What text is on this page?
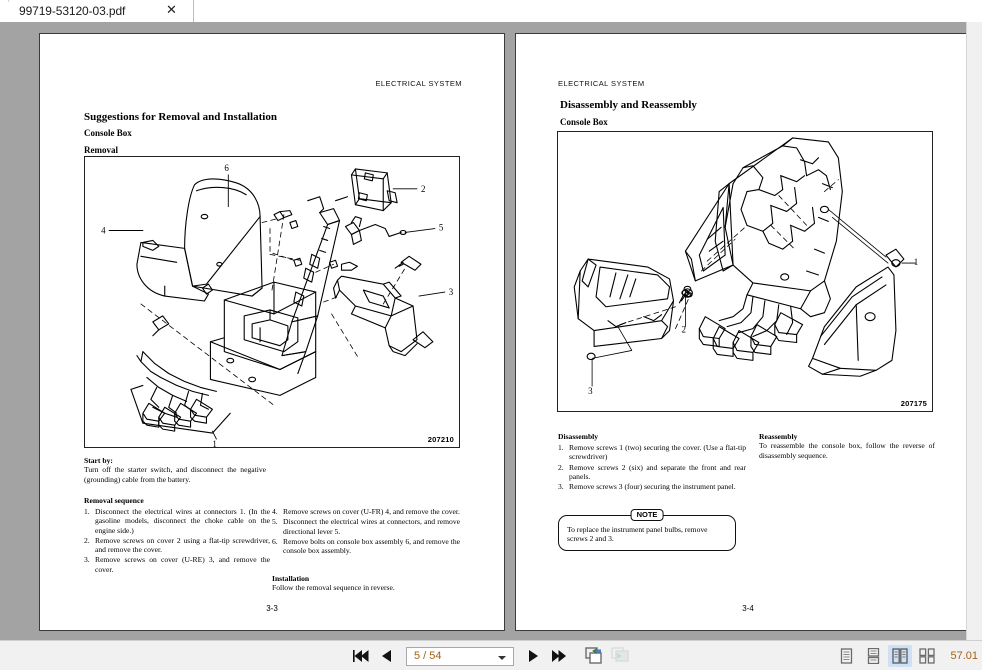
99719-53120-03.pdf	✕
ELECTRICAL SYSTEM
Suggestions for Removal and Installation
Console Box
Removal
6
4
2
5
3
1	207210
Start by:
Turn off the starter switch, and disconnect the negative (grounding) cable from the battery.
Removal sequence
1. Disconnect the electrical wires at connectors 1. (In the gasoline models, disconnect the choke cable on the engine side.)
2. Remove screws on cover 2 using a flat-tip screwdriver, and remove the cover.
3. Remove screws on cover (U-RE) 3, and remove the cover.
4. Remove screws on cover (U-FR) 4, and remove the cover.
5. Disconnect the electrical wires at connectors, and remove directional lever 5.
6. Remove bolts on console box assembly 6, and remove the console box assembly.
Installation
Follow the removal sequence in reverse.
3-3
ELECTRICAL SYSTEM
Disassembly and Reassembly
Console Box
1
2
3
207175
Disassembly
1. Remove screws 1 (two) securing the cover. (Use a flat-tip screwdriver)
2. Remove screws 2 (six) and separate the front and rear panels.
3. Remove screws 3 (four) securing the instrument panel.
Reassembly
To reassemble the console box, follow the reverse of disassembly sequence.
NOTE
To replace the instrument panel bulbs, remove screws 2 and 3.
3-4
5 / 54	57.01
